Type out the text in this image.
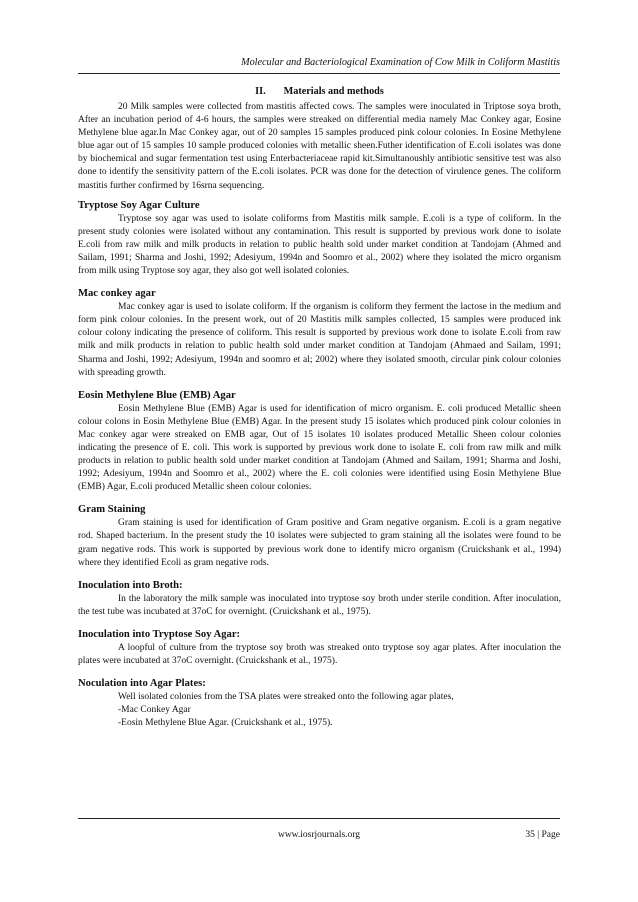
Molecular and Bacteriological Examination of Cow Milk in Coliform Mastitis
II. Materials and methods

20 Milk samples were collected from mastitis affected cows. The samples were inoculated in Triptose soya broth, After an incubation period of 4-6 hours, the samples were streaked on differential media namely Mac Conkey agar, Eosine Methylene blue agar.In Mac Conkey agar, out of 20 samples 15 samples produced pink colour colonies. In Eosine Methylene blue agar out of 15 samples 10 sample produced colonies with metallic sheen.Futher identification of E.coli isolates was done by biochemical and sugar fermentation test using Enterbacteriaceae rapid kit.Simultanoushly antibiotic sensitive test was also done to identify the sensitivity pattern of the E.coli isolates. PCR was done for the detection of virulence genes. The coliform mastitis further confirmed by 16srna sequencing.

Tryptose Soy Agar Culture

Tryptose soy agar was used to isolate coliforms from Mastitis milk sample. E.coli is a type of coliform. In the present study colonies were isolated without any contamination. This result is supported by previous work done to isolate E.coli from raw milk and milk products in relation to public health sold under market condition at Tandojam (Ahmed and Sailam, 1991; Sharma and Joshi, 1992; Adesiyum, 1994n and Soomro et al., 2002) where they isolated the micro organism from milk using Tryptose soy agar, they also got well isolated colonies.

Mac conkey agar

Mac conkey agar is used to isolate coliform. If the organism is coliform they ferment the lactose in the medium and form pink colour colonies. In the present work, out of 20 Mastitis milk samples collected, 15 samples were produced ink colour colony indicating the presence of coliform. This result is supported by previous work done to isolate E.coli from raw milk and milk products in relation to public health sold under market condition at Tandojam (Ahmaed and Sailam, 1991; Sharma and Joshi, 1992; Adesiyum, 1994n and soomro et al; 2002) where they isolated smooth, circular pink colour colonies with spreading growth.

Eosin Methylene Blue (EMB) Agar

Eosin Methylene Blue (EMB) Agar is used for identification of micro organism. E. coli produced Metallic sheen colour colons in Eosin Methylene Blue (EMB) Agar. In the present study 15 isolates which produced pink colour colonies in Mac conkey agar were streaked on EMB agar, Out of 15 isolates 10 isolates produced Metallic Sheen colour colonies indicating the presence of E. coli. This work is supported by previous work done to isolate E. coli from raw milk and milk products in relation to public health sold under market condition at Tandojam (Ahmed and Sailam, 1991; Sharma and Joshi, 1992; Adesiyum, 1994n and Soomro et al., 2002) where the E. coli colonies were identified using Eosin Methylene Blue (EMB) Agar, E.coli produced Metallic sheen colour colonies.

Gram Staining

Gram staining is used for identification of Gram positive and Gram negative organism. E.coli is a gram negative rod. Shaped bacterium. In the present study the 10 isolates were subjected to gram staining all the isolates were found to be gram negative rods. This work is supported by previous work done to identify micro organism (Cruickshank et al., 1994) where they identified Ecoli as gram negative rods.

Inoculation into Broth:

In the laboratory the milk sample was inoculated into tryptose soy broth under sterile condition. After inoculation, the test tube was incubated at 37oC for overnight. (Cruickshank et al., 1975).

Inoculation into Tryptose Soy Agar:

A loopful of culture from the tryptose soy broth was streaked onto tryptose soy agar plates. After inoculation the plates were incubated at 37oC overnight. (Cruickshank et al., 1975).

Noculation into Agar Plates:
Well isolated colonies from the TSA plates were streaked onto the following agar plates,
-Mac Conkey Agar
-Eosin Methylene Blue Agar. (Cruickshank et al., 1975).
www.iosrjournals.org	35 | Page
